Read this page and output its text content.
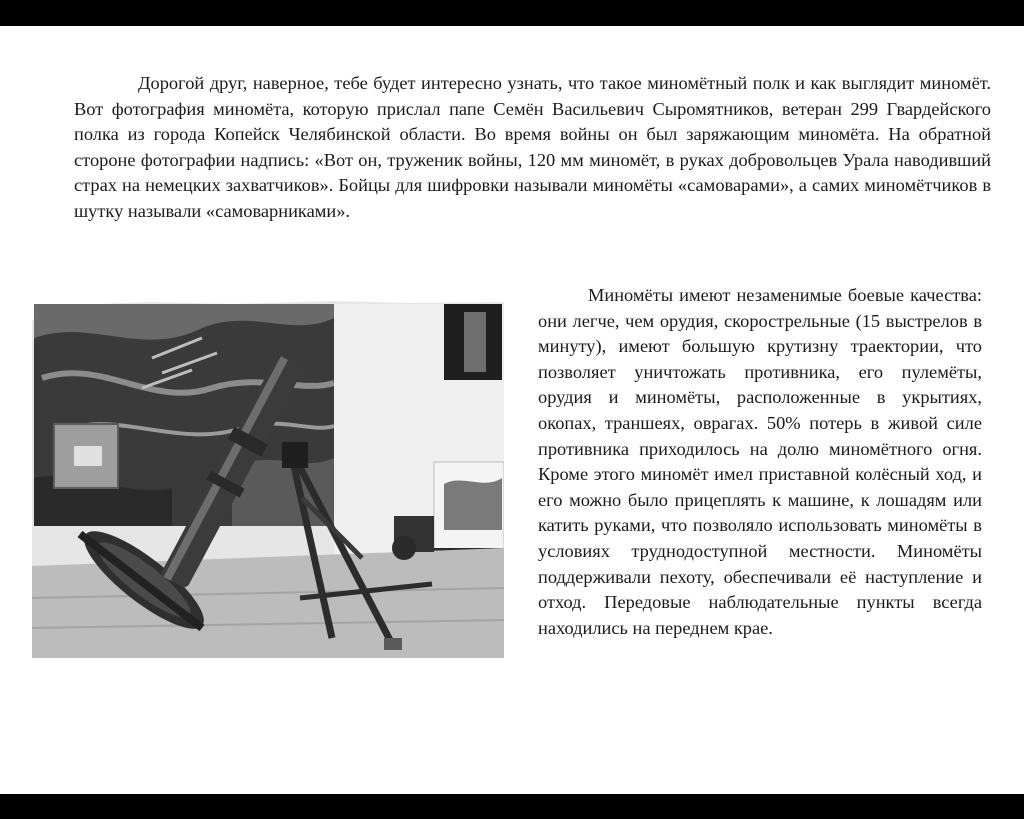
Дорогой друг, наверное, тебе будет интересно узнать, что такое миномётный полк и как выглядит миномёт. Вот фотография миномёта, которую прислал папе Семён Васильевич Сыромятников, ветеран 299 Гвардейского полка из города Копейск Челябинской области. Во время войны он был заряжающим миномёта. На обратной стороне фотографии надпись: «Вот он, труженик войны, 120 мм миномёт, в руках добровольцев Урала наводивший страх на немецких захватчиков». Бойцы для шифровки называли миномёты «самоварами», а самих миномётчиков в шутку называли «самоварниками».

Миномёты имеют незаменимые боевые качества: они легче, чем орудия, скорострельные (15 выстрелов в минуту), имеют большую крутизну траектории, что позволяет уничтожать противника, его пулемёты, орудия и миномёты, расположенные в укрытиях, окопах, траншеях, оврагах. 50% потерь в живой силе противника приходилось на долю миномётного огня. Кроме этого миномёт имел приставной колёсный ход, и его можно было прицеплять к машине, к лошадям или катить руками, что позволяло использовать миномёты в условиях труднодоступной местности. Миномёты поддерживали пехоту, обеспечивали её наступление и отход. Передовые наблюдательные пункты всегда находились на переднем крае.
